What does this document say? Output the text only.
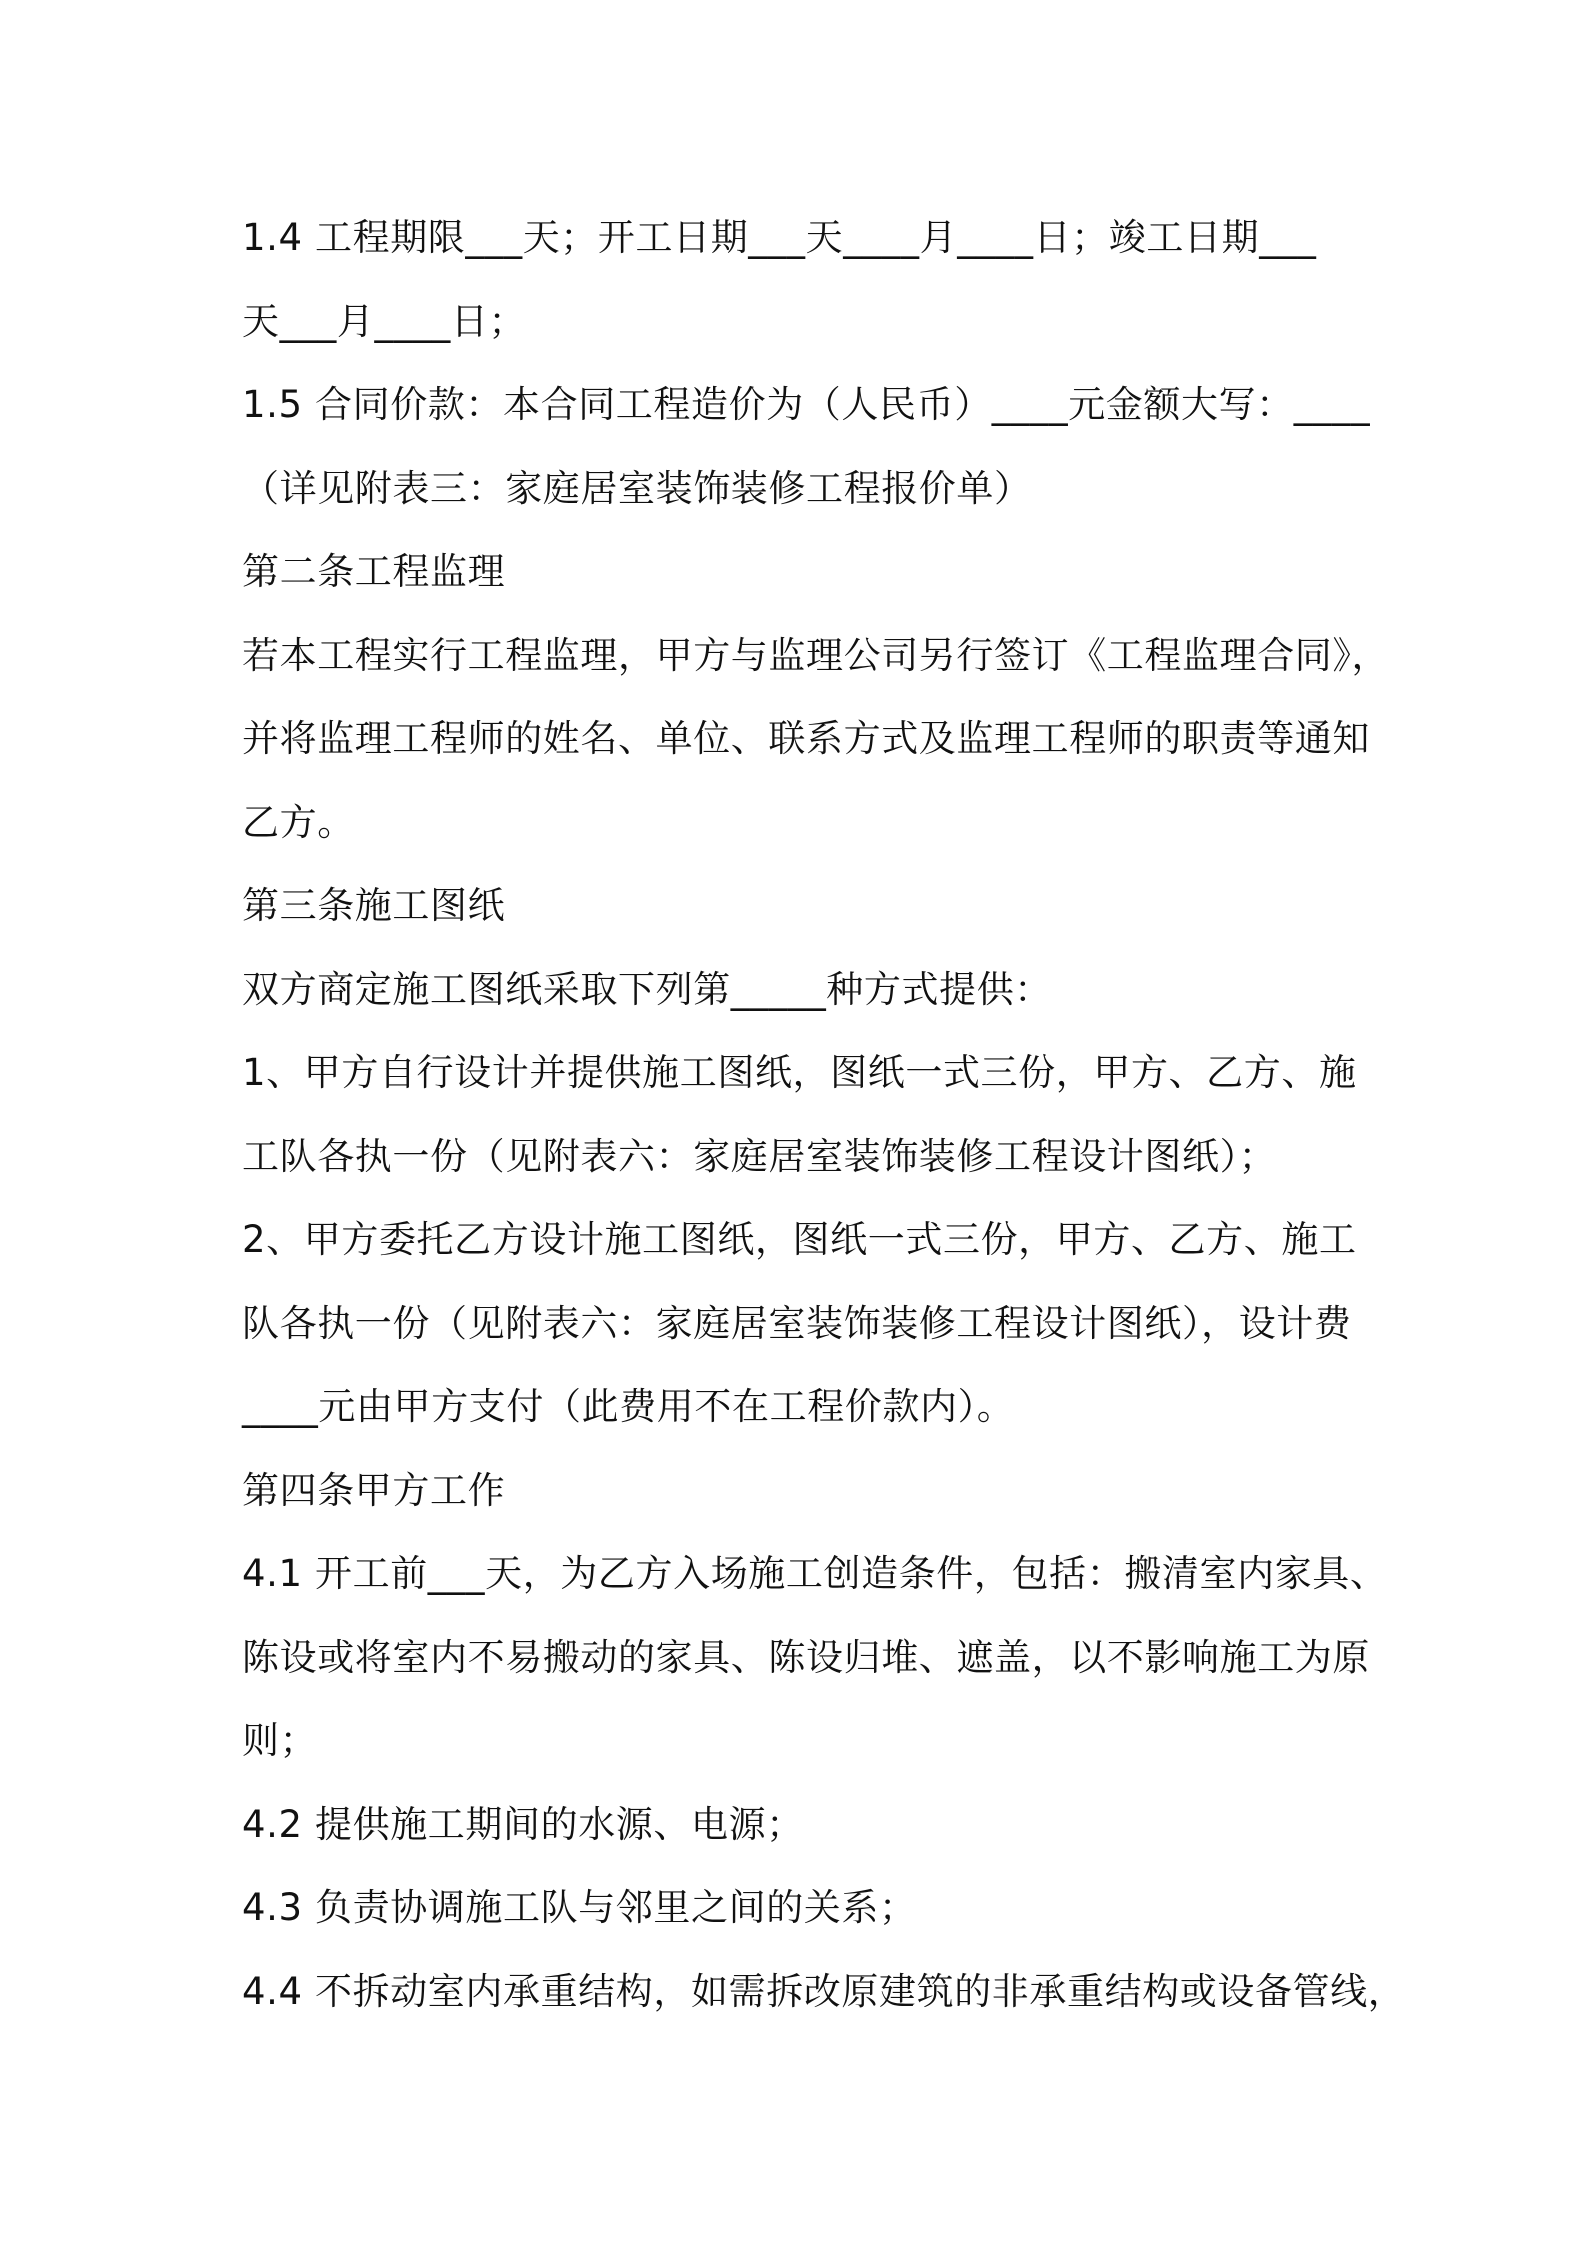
1.4 工程期限___天；开工日期___天____月____日；竣工日期___
天___月____日；
1.5 合同价款：本合同工程造价为（人民币）____元金额大写：____
（详见附表三：家庭居室装饰装修工程报价单）
第二条工程监理
若本工程实行工程监理，甲方与监理公司另行签订《工程监理合同》，
并将监理工程师的姓名、单位、联系方式及监理工程师的职责等通知
乙方。
第三条施工图纸
双方商定施工图纸采取下列第_____种方式提供：
1、甲方自行设计并提供施工图纸，图纸一式三份，甲方、乙方、施
工队各执一份（见附表六：家庭居室装饰装修工程设计图纸）；
2、甲方委托乙方设计施工图纸，图纸一式三份，甲方、乙方、施工
队各执一份（见附表六：家庭居室装饰装修工程设计图纸），设计费
____元由甲方支付（此费用不在工程价款内）。
第四条甲方工作
4.1 开工前___天，为乙方入场施工创造条件，包括：搬清室内家具、
陈设或将室内不易搬动的家具、陈设归堆、遮盖，以不影响施工为原
则；
4.2 提供施工期间的水源、电源；
4.3 负责协调施工队与邻里之间的关系；
4.4 不拆动室内承重结构，如需拆改原建筑的非承重结构或设备管线，
